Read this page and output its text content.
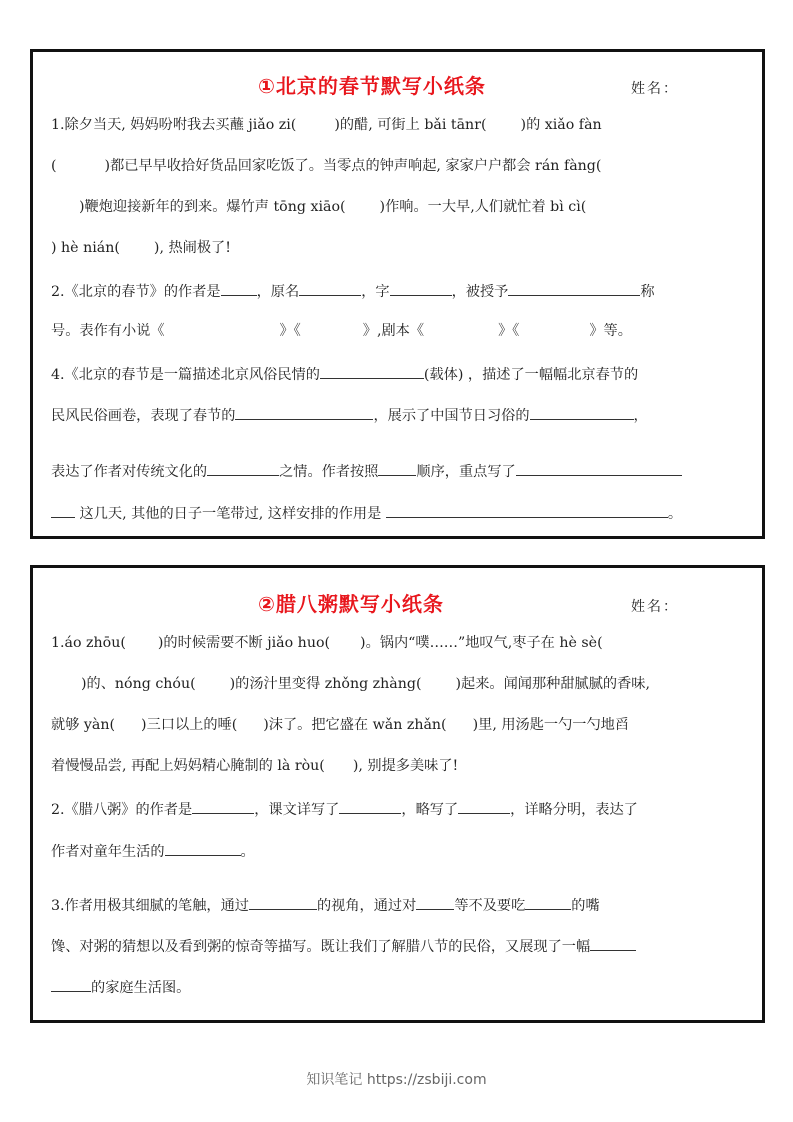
①北京的春节默写小纸条	姓名：
1.除夕当天, 妈妈吩咐我去买蘸 jiǎo zi(	)的醋, 可街上 bǎi tānr( )的 xiǎo fàn
(	)都已早早收拾好货品回家吃饭了。当零点的钟声响起, 家家户户都会 rán fàng(
)鞭炮迎接新年的到来。爆竹声 tōng xiāo( )作响。一大早,人们就忙着 bì cì(
) hè nián( ), 热闹极了!
2.《北京的春节》的作者是	，原名	，字	，被授予	称
号。表作有小说《	》《	》,剧本《	》《	》等。
4.《北京的春节是一篇描述北京风俗民情的	(载体) ，描述了一幅幅北京春节的
民风民俗画卷，表现了春节的	，展示了中国节日习俗的	，
表达了作者对传统文化的	之情。作者按照	顺序，重点写了
这几天, 其他的日子一笔带过, 这样安排的作用是	。
②腊八粥默写小纸条	姓名：
1.áo zhōu( )的时候需要不断 jiǎo huo( )。锅内“噗……”地叹气,枣子在 hè sè(
)的、nóng chóu( )的汤汁里变得 zhǒng zhàng( )起来。闻闻那种甜腻腻的香味,
就够 yàn( )三口以上的唾( )沫了。把它盛在 wǎn zhǎn( )里, 用汤匙一勺一勺地舀
着慢慢品尝, 再配上妈妈精心腌制的 là ròu( ), 别提多美味了!
2.《腊八粥》的作者是	，课文详写了	，略写了	，详略分明，表达了
作者对童年生活的	。
3.作者用极其细腻的笔触，通过	的视角，通过对	等不及要吃	的嘴
馋、对粥的猜想以及看到粥的惊奇等描写。既让我们了解腊八节的民俗，又展现了一幅
的家庭生活图。
知识笔记 https://zsbiji.com
